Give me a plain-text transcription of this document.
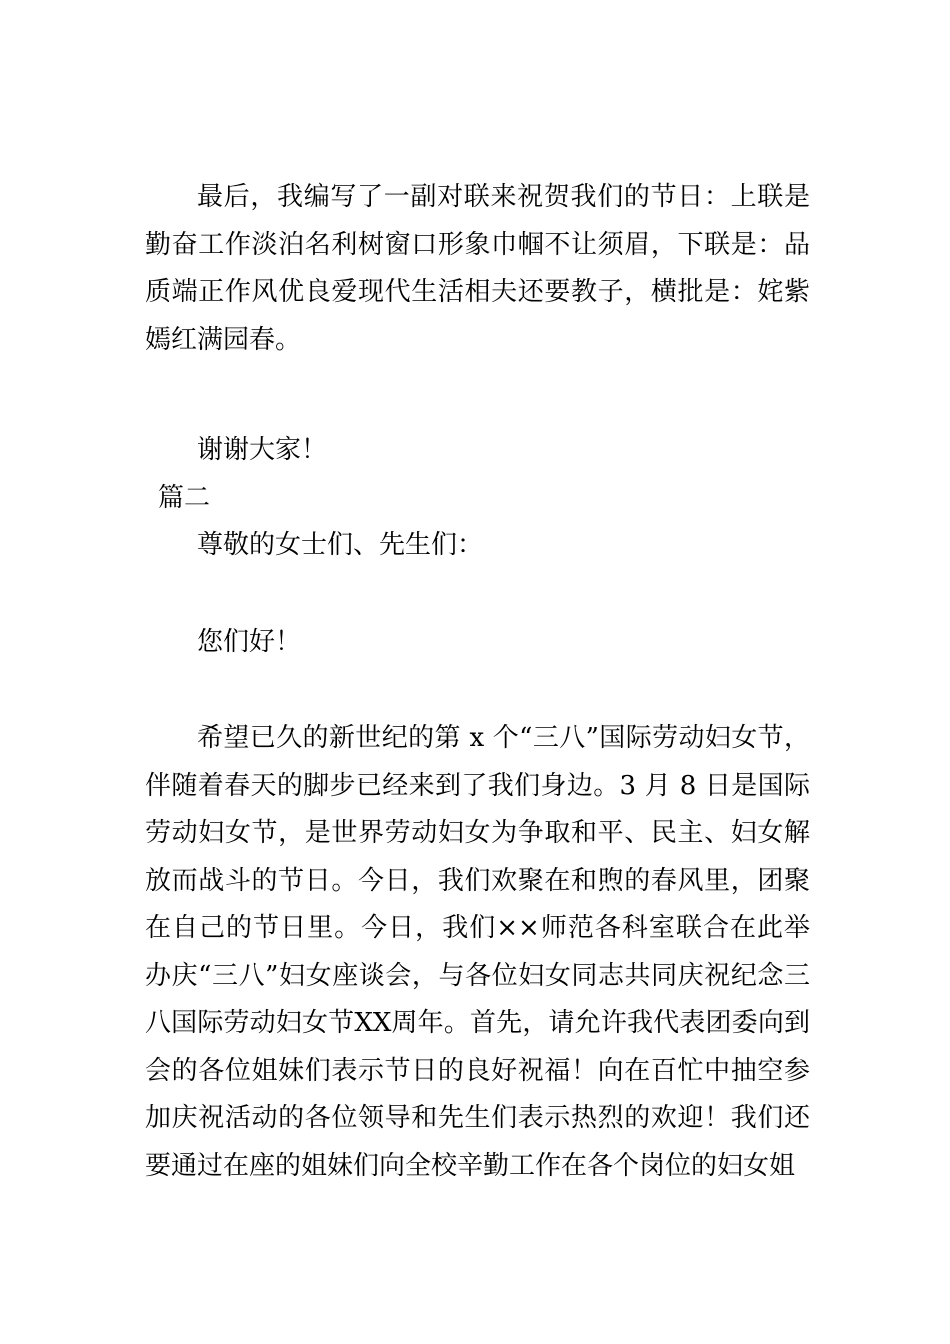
最后，我编写了一副对联来祝贺我们的节日：上联是勤奋工作淡泊名利树窗口形象巾帼不让须眉，下联是：品质端正作风优良爱现代生活相夫还要教子，横批是：姹紫嫣红满园春。

谢谢大家！

篇二

尊敬的女士们、先生们：

您们好！

希望已久的新世纪的第 x 个“三八”国际劳动妇女节，伴随着春天的脚步已经来到了我们身边。3 月 8 日是国际劳动妇女节，是世界劳动妇女为争取和平、民主、妇女解放而战斗的节日。今日，我们欢聚在和煦的春风里，团聚在自己的节日里。今日，我们××师范各科室联合在此举办庆“三八”妇女座谈会，与各位妇女同志共同庆祝纪念三八国际劳动妇女节XX周年。首先，请允许我代表团委向到会的各位姐妹们表示节日的良好祝福！向在百忙中抽空参加庆祝活动的各位领导和先生们表示热烈的欢迎！我们还要通过在座的姐妹们向全校辛勤工作在各个岗位的妇女姐
